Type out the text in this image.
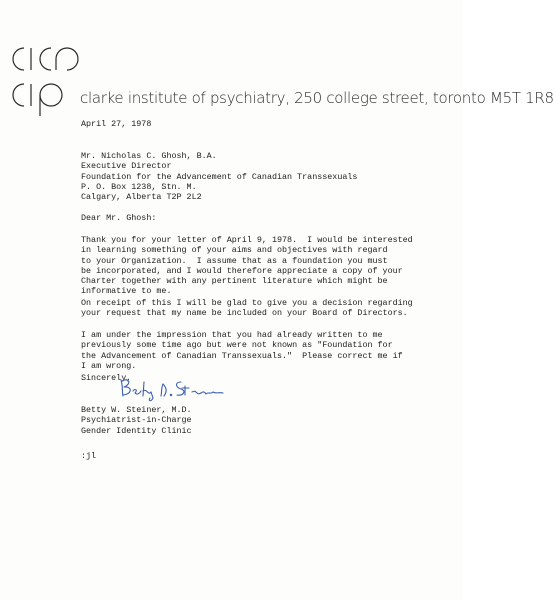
clarke institute of psychiatry, 250 college street, toronto M5T 1R8
April 27, 1978
Mr. Nicholas C. Ghosh, B.A.
Executive Director
Foundation for the Advancement of Canadian Transsexuals
P. O. Box 1238, Stn. M.
Calgary, Alberta T2P 2L2
Dear Mr. Ghosh:
Thank you for your letter of April 9, 1978.  I would be interested
in learning something of your aims and objectives with regard
to your Organization.  I assume that as a foundation you must
be incorporated, and I would therefore appreciate a copy of your
Charter together with any pertinent literature which might be
informative to me.
On receipt of this I will be glad to give you a decision regarding
your request that my name be included on your Board of Directors.
I am under the impression that you had already written to me
previously some time ago but were not known as "Foundation for
the Advancement of Canadian Transsexuals."  Please correct me if
I am wrong.
Sincerely,
Betty W. Steiner, M.D.
Psychiatrist-in-Charge
Gender Identity Clinic
:jl
